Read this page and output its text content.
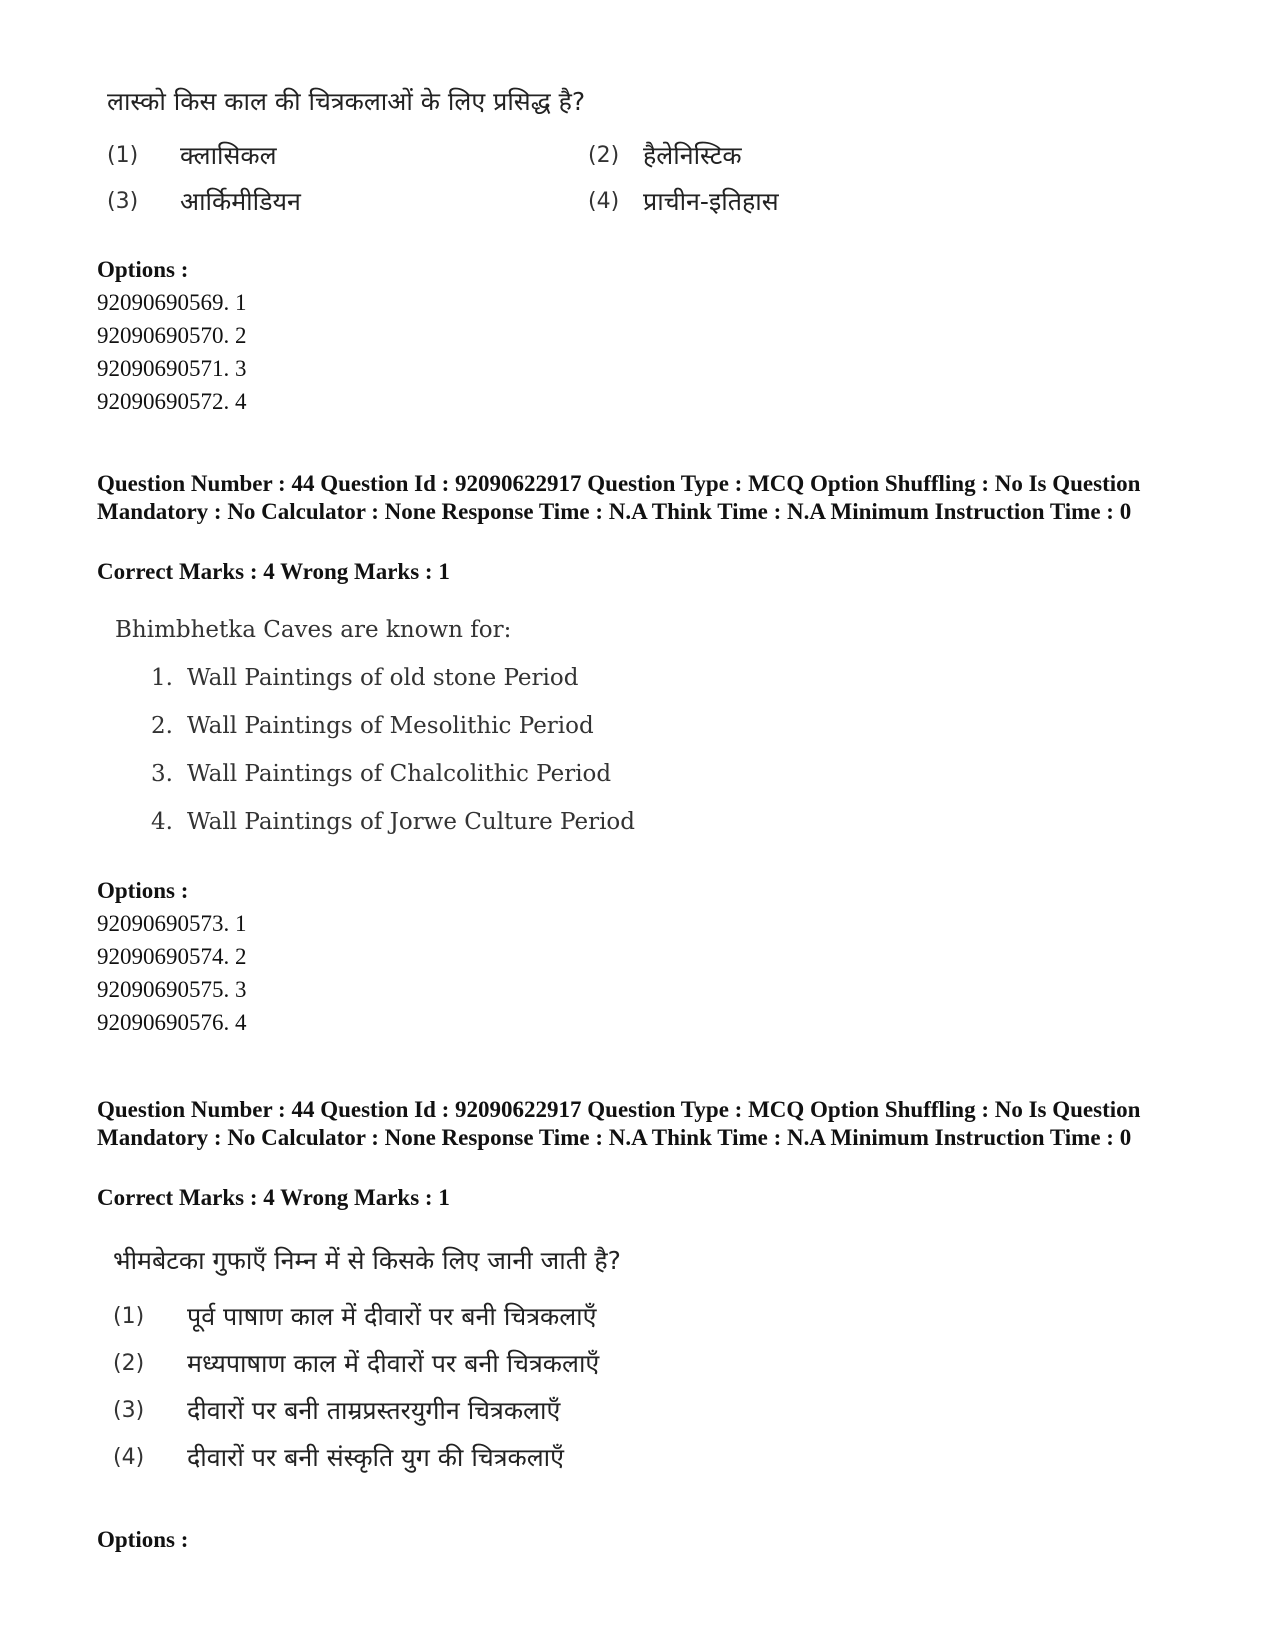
लास्को किस काल की चित्रकलाओं के लिए प्रसिद्ध है?
(1) क्लासिकल	(2) हैलेनिस्टिक
(3) आर्किमीडियन	(4) प्राचीन-इतिहास
Options :
92090690569. 1
92090690570. 2
92090690571. 3
92090690572. 4
Question Number : 44 Question Id : 92090622917 Question Type : MCQ Option Shuffling : No Is Question Mandatory : No Calculator : None Response Time : N.A Think Time : N.A Minimum Instruction Time : 0
Correct Marks : 4 Wrong Marks : 1
Bhimbhetka Caves are known for:
1. Wall Paintings of old stone Period
2. Wall Paintings of Mesolithic Period
3. Wall Paintings of Chalcolithic Period
4. Wall Paintings of Jorwe Culture Period
Options :
92090690573. 1
92090690574. 2
92090690575. 3
92090690576. 4
Question Number : 44 Question Id : 92090622917 Question Type : MCQ Option Shuffling : No Is Question Mandatory : No Calculator : None Response Time : N.A Think Time : N.A Minimum Instruction Time : 0
Correct Marks : 4 Wrong Marks : 1
भीमबेटका गुफाएँ निम्न में से किसके लिए जानी जाती है?
(1) पूर्व पाषाण काल में दीवारों पर बनी चित्रकलाएँ
(2) मध्यपाषाण काल में दीवारों पर बनी चित्रकलाएँ
(3) दीवारों पर बनी ताम्रप्रस्तरयुगीन चित्रकलाएँ
(4) दीवारों पर बनी संस्कृति युग की चित्रकलाएँ
Options :
